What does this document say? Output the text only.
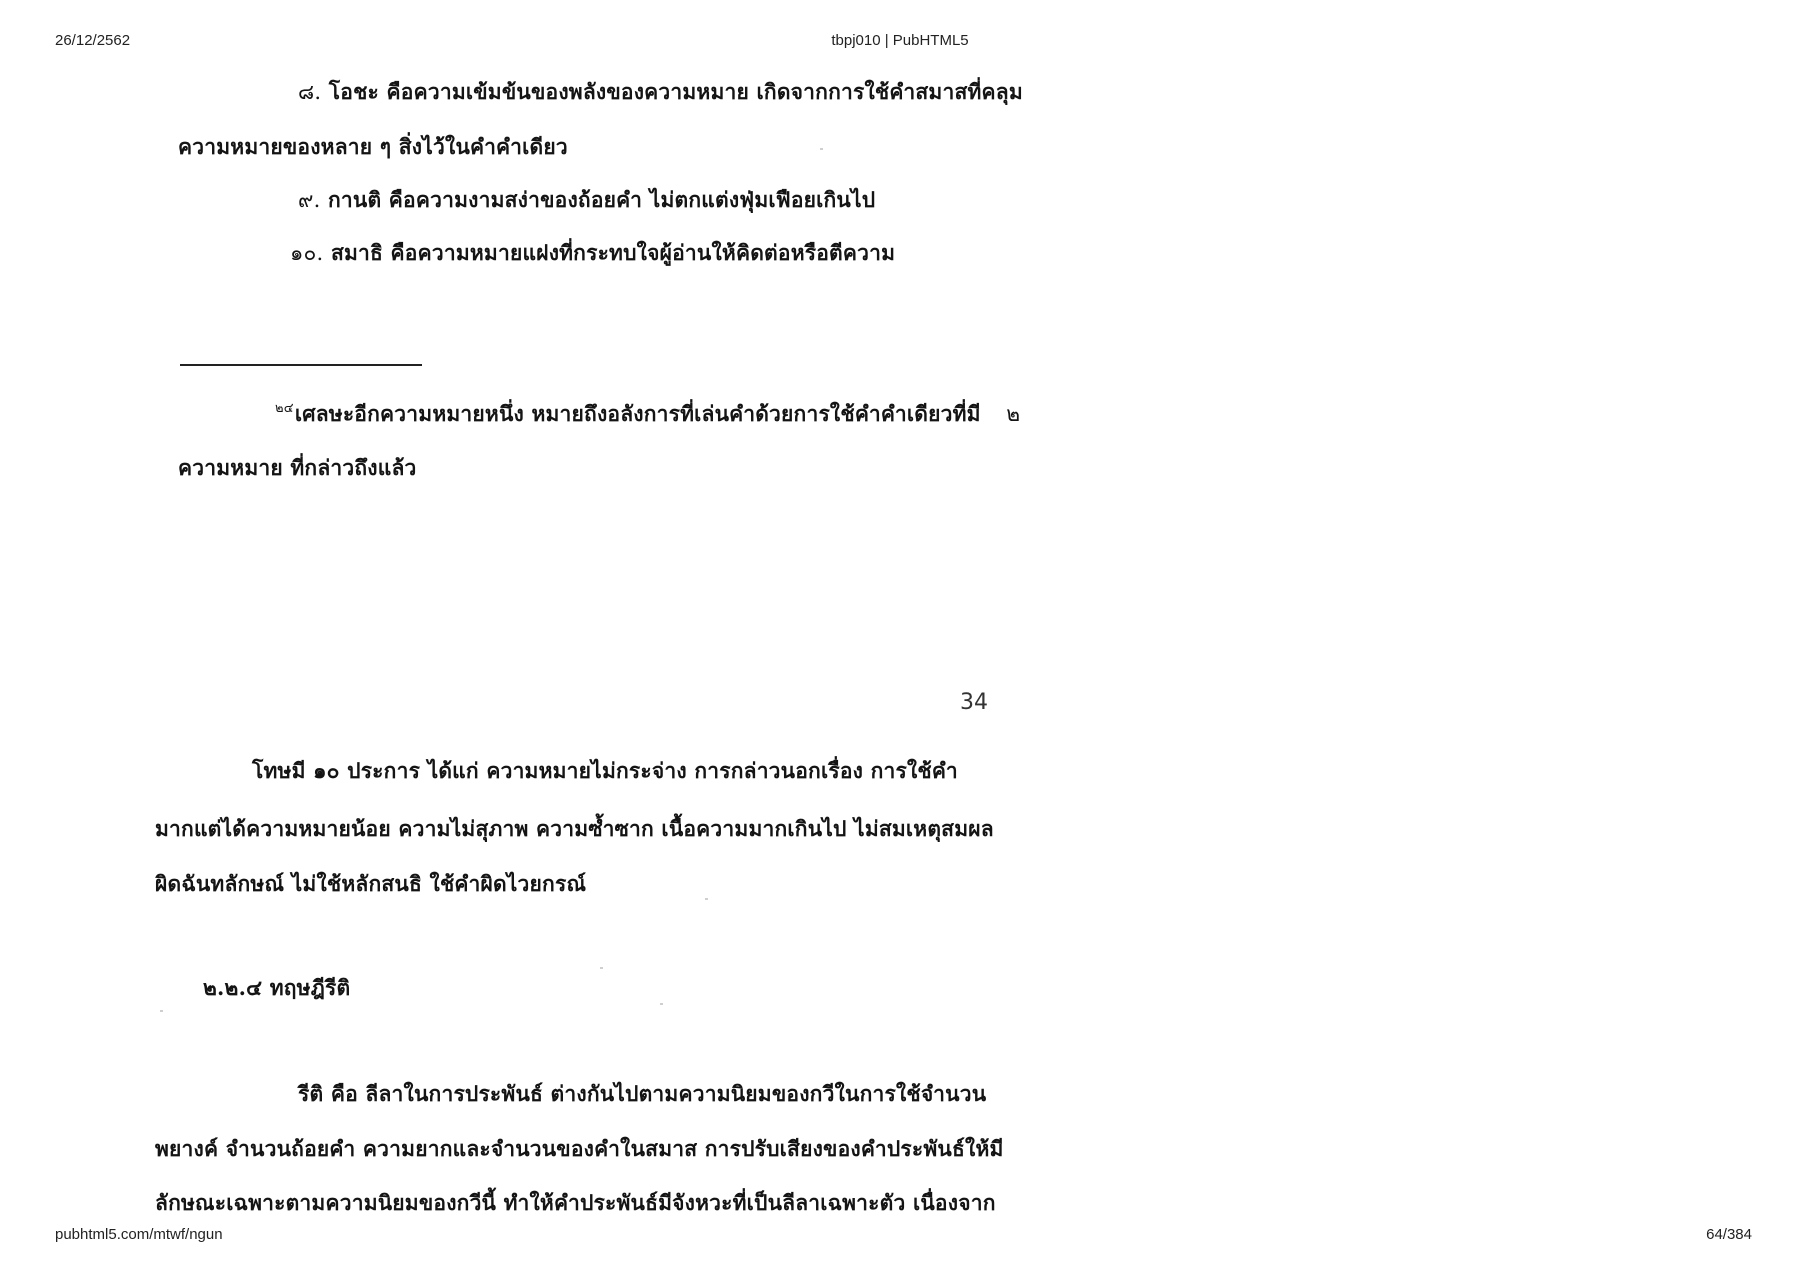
26/12/2562	tbpj010 | PubHTML5
๘. โอชะ คือความเข้มข้นของพลังของความหมาย เกิดจากการใช้คำสมาสที่คลุม
ความหมายของหลาย ๆ สิ่งไว้ในคำคำเดียว
๙. กานติ คือความงามสง่าของถ้อยคำ ไม่ตกแต่งฟุ่มเฟือยเกินไป
๑๐. สมาธิ คือความหมายแฝงที่กระทบใจผู้อ่านให้คิดต่อหรือตีความ
$^{๒๔}$เศลษะอีกความหมายหนึ่ง หมายถึงอลังการที่เล่นคำด้วยการใช้คำคำเดียวที่มี ๒
ความหมาย ที่กล่าวถึงแล้ว
34
โทษมี ๑๐ ประการ ได้แก่ ความหมายไม่กระจ่าง การกล่าวนอกเรื่อง การใช้คำ
มากแต่ได้ความหมายน้อย ความไม่สุภาพ ความซ้ำซาก เนื้อความมากเกินไป ไม่สมเหตุสมผล
ผิดฉันทลักษณ์ ไม่ใช้หลักสนธิ ใช้คำผิดไวยกรณ์
๒.๒.๔ ทฤษฎีรีติ
รีติ คือ ลีลาในการประพันธ์ ต่างกันไปตามความนิยมของกวีในการใช้จำนวน
พยางค์ จำนวนถ้อยคำ ความยากและจำนวนของคำในสมาส การปรับเสียงของคำประพันธ์ให้มี
ลักษณะเฉพาะตามความนิยมของกวีนี้ ทำให้คำประพันธ์มีจังหวะที่เป็นลีลาเฉพาะตัว เนื่องจาก
pubhtml5.com/mtwf/ngun	64/384
